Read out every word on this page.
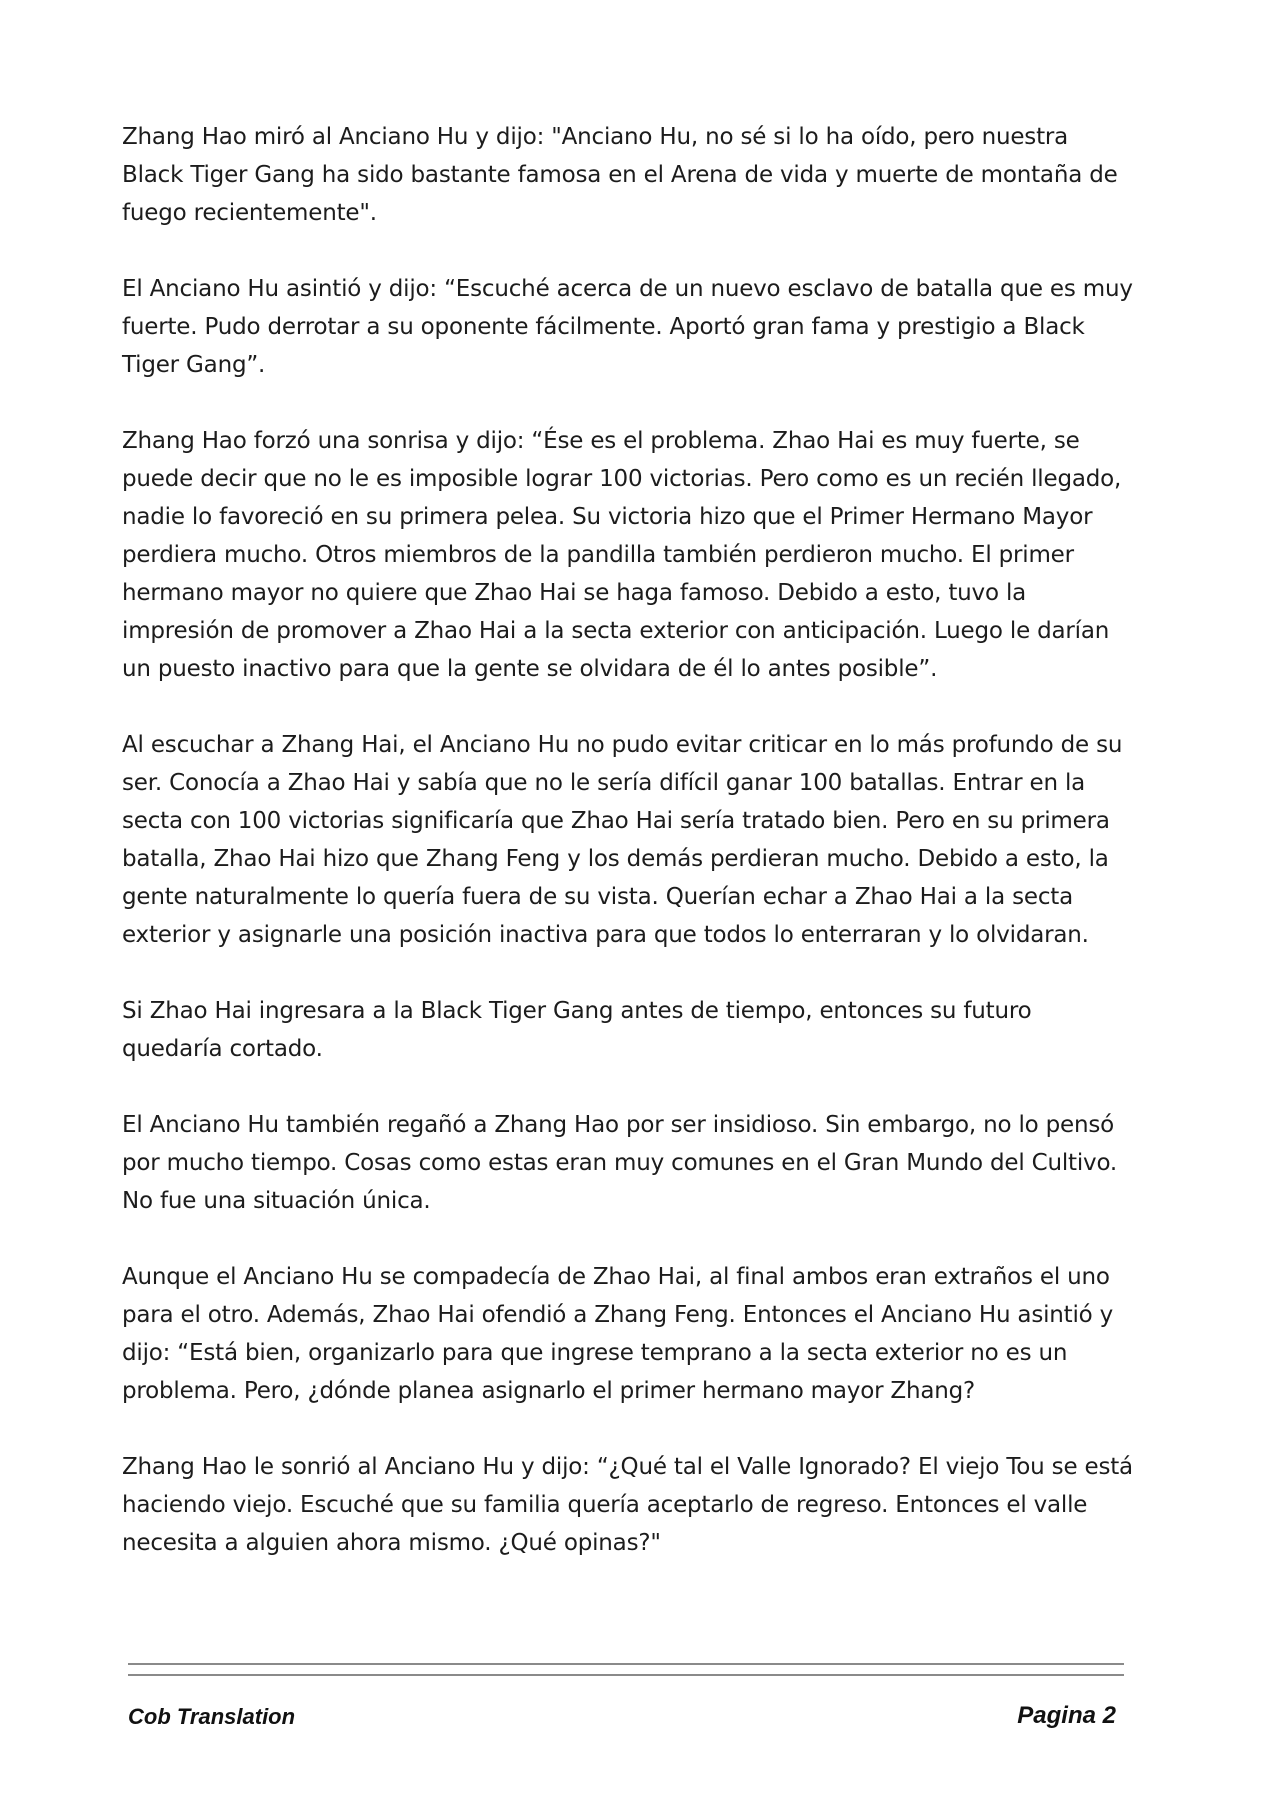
Zhang Hao miró al Anciano Hu y dijo: "Anciano Hu, no sé si lo ha oído, pero nuestra Black Tiger Gang ha sido bastante famosa en el Arena de vida y muerte de montaña de fuego recientemente".

El Anciano Hu asintió y dijo: “Escuché acerca de un nuevo esclavo de batalla que es muy fuerte. Pudo derrotar a su oponente fácilmente. Aportó gran fama y prestigio a Black Tiger Gang”.

Zhang Hao forzó una sonrisa y dijo: “Ése es el problema. Zhao Hai es muy fuerte, se puede decir que no le es imposible lograr 100 victorias. Pero como es un recién llegado, nadie lo favoreció en su primera pelea. Su victoria hizo que el Primer Hermano Mayor perdiera mucho. Otros miembros de la pandilla también perdieron mucho. El primer hermano mayor no quiere que Zhao Hai se haga famoso. Debido a esto, tuvo la impresión de promover a Zhao Hai a la secta exterior con anticipación. Luego le darían un puesto inactivo para que la gente se olvidara de él lo antes posible”.

Al escuchar a Zhang Hai, el Anciano Hu no pudo evitar criticar en lo más profundo de su ser. Conocía a Zhao Hai y sabía que no le sería difícil ganar 100 batallas. Entrar en la secta con 100 victorias significaría que Zhao Hai sería tratado bien. Pero en su primera batalla, Zhao Hai hizo que Zhang Feng y los demás perdieran mucho. Debido a esto, la gente naturalmente lo quería fuera de su vista. Querían echar a Zhao Hai a la secta exterior y asignarle una posición inactiva para que todos lo enterraran y lo olvidaran.

Si Zhao Hai ingresara a la Black Tiger Gang antes de tiempo, entonces su futuro quedaría cortado.

El Anciano Hu también regañó a Zhang Hao por ser insidioso. Sin embargo, no lo pensó por mucho tiempo. Cosas como estas eran muy comunes en el Gran Mundo del Cultivo. No fue una situación única.

Aunque el Anciano Hu se compadecía de Zhao Hai, al final ambos eran extraños el uno para el otro. Además, Zhao Hai ofendió a Zhang Feng. Entonces el Anciano Hu asintió y dijo: “Está bien, organizarlo para que ingrese temprano a la secta exterior no es un problema. Pero, ¿dónde planea asignarlo el primer hermano mayor Zhang?

Zhang Hao le sonrió al Anciano Hu y dijo: “¿Qué tal el Valle Ignorado? El viejo Tou se está haciendo viejo. Escuché que su familia quería aceptarlo de regreso. Entonces el valle necesita a alguien ahora mismo. ¿Qué opinas?"

Cob Translation	Pagina 2
